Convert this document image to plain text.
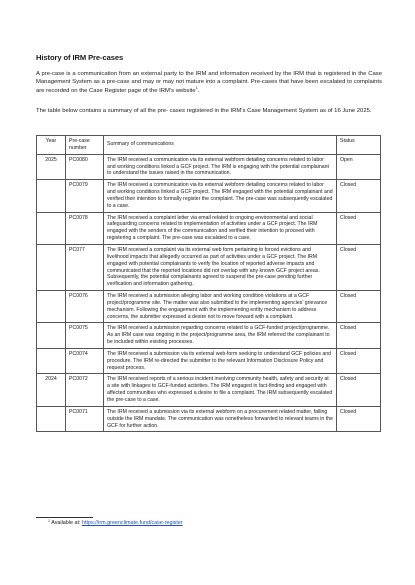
History of IRM Pre-cases

A pre-case is a communication from an external party to the IRM and information received by the IRM that is registered in the Case Management System as a pre-case and may or may not mature into a complaint. Pre-cases that have been escalated to complaints are recorded on the Case Register page of the IRM’s website$^1$.

The table below contains a summary of all the pre- cases registered in the IRM’s Case Management System as of 16 June 2025.

Year	Pre-case number	Summary of communications	Status
2025	PC0080	The IRM received a communication via its external webform detailing concerns related to labor and working conditions linked a GCF project. The IRM is engaging with the potential complainant to understand the issues raised in the communication.	Open
	PC0079	The IRM received a communication via its external webform detailing concerns related to labor and working conditions linked a GCF project. The IRM engaged with the potential complainant and verified their intention to formally register the complaint. The pre-case was subsequently escalated to a case.	Closed
	PC0078	The IRM received a complaint letter via email related to ongoing environmental and social safeguarding concerns related to implementation of activities under a GCF project. The IRM engaged with the senders of the communication and verified their intention to proceed with registering a complaint. The pre-case was escalated to a case.	Closed
	PC077	The IRM received a complaint via its external web form pertaining to forced evictions and livelihood impacts that allegedly occurred as part of activities under a GCF project. The IRM engaged with potential complainants to verify the location of reported adverse impacts and communicated that the reported locations did not overlap with any known GCF project areas. Subsequently, the potential complainants agreed to suspend the pre-case pending further verification and information gathering.	Closed
	PC0076	The IRM received a submission alleging labor and working condition violations at a GCF project/programme site. The matter was also submitted to the implementing agencies’ grievance mechanism. Following the engagement with the implementing entity mechanism to address concerns, the submitter expressed a desire not to move forward with a complaint.	Closed
	PC0075	The IRM received a submission regarding concerns related to a GCF-funded project/programme. As an IRM case was ongoing in the project/programme area, the IRM referred the complainant to be included within existing processes.	Closed
	PC0074	The IRM received a submission via its external web-form seeking to understand GCF policies and procedure. The IRM re-directed the submitter to the relevant Information Disclosure Policy and request process.	Closed
2024	PC0072	The IRM received reports of a serious incident involving community health, safety and security at a site with linkages to GCF-funded activities. The IRM engaged in fact-finding and engaged with affected communities who expressed a desire to file a complaint. The IRM subsequently escalated the pre-case to a case.	Closed
	PC0071	The IRM received a submission via its external webform on a procurement related matter, falling outside the IRM mandate. The communication was nonetheless forwarded to relevant teams in the GCF for further action.	Closed
$^1$ Available at: https://irm.greenclimate.fund/case-register
